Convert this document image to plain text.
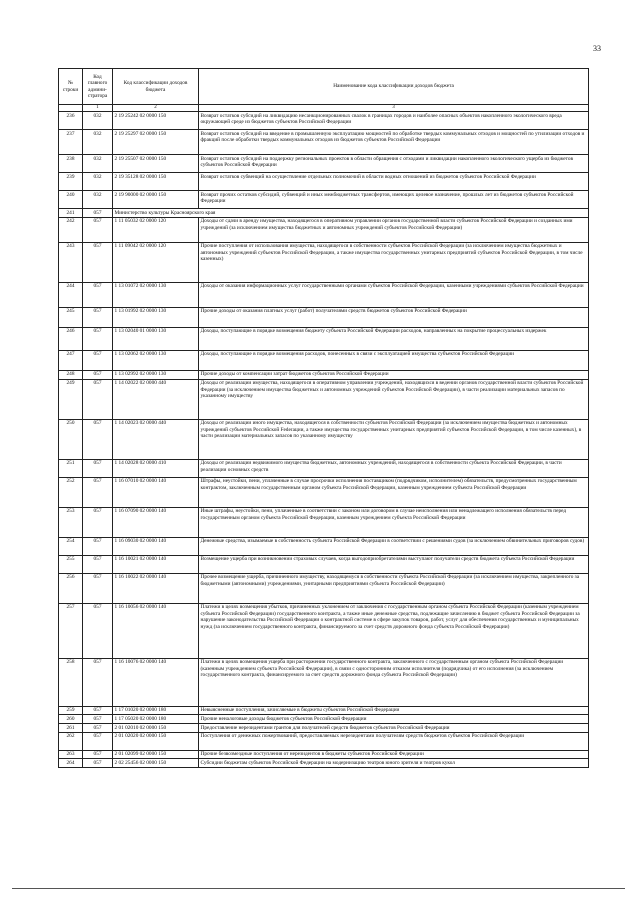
33
№ строки	Код главного админи-стратора	Код классификации доходов бюджета	Наименование кода классификации доходов бюджета
	1	2	3
236	032	2 19 25242 02 0000 150	Возврат остатков субсидий на ликвидацию несанкционированных свалок в границах городов и наиболее опасных объектов накопленного экологического вреда окружающей среде из бюджетов субъектов Российской Федерации
237	032	2 19 25297 02 0000 150	Возврат остатков субсидий на введение в промышленную эксплуатацию мощностей по обработке твердых коммунальных отходов и мощностей по утилизации отходов и фракций после обработки твердых коммунальных отходов из бюджетов субъектов Российской Федерации
238	032	2 19 25507 02 0000 150	Возврат остатков субсидий на поддержку региональных проектов в области обращения с отходами и ликвидации накопленного экологического ущерба из бюджетов субъектов Российской Федерации
239	032	2 19 35128 02 0000 150	Возврат остатков субвенций на осуществление отдельных полномочий в области водных отношений из бюджетов субъектов Российской Федерации
240	032	2 19 90000 02 0000 150	Возврат прочих остатков субсидий, субвенций и иных межбюджетных трансфертов, имеющих целевое назначение, прошлых лет из бюджетов субъектов Российской Федерации
241	057	Министерство культуры Красноярского края	
242	057	1 11 05032 02 0000 120	Доходы от сдачи в аренду имущества, находящегося в оперативном управлении органов государственной власти субъектов Российской Федерации и созданных ими учреждений (за исключением имущества бюджетных и автономных учреждений субъектов Российской Федерации)
243	057	1 11 09042 02 0000 120	Прочие поступления от использования имущества, находящегося в собственности субъектов Российской Федерации (за исключением имущества бюджетных и автономных учреждений субъектов Российской Федерации, а также имущества государственных унитарных предприятий субъектов Российской Федерации, в том числе казенных)
244	057	1 13 01072 02 0000 130	Доходы от оказания информационных услуг государственными органами субъектов Российской Федерации, казенными учреждениями субъектов Российской Федерации
245	057	1 13 01992 02 0000 130	Прочие доходы от оказания платных услуг (работ) получателями средств бюджетов субъектов Российской Федерации
246	057	1 13 02040 01 0000 130	Доходы, поступающие в порядке возмещения бюджету субъекта Российской Федерации расходов, направленных на покрытие процессуальных издержек
247	057	1 13 02062 02 0000 130	Доходы, поступающие в порядке возмещения расходов, понесенных в связи с эксплуатацией имущества субъектов Российской Федерации
248	057	1 13 02992 02 0000 130	Прочие доходы от компенсации затрат бюджетов субъектов Российской Федерации
249	057	1 14 02022 02 0000 440	Доходы от реализации имущества, находящегося в оперативном управлении учреждений, находящихся в ведении органов государственной власти субъектов Российской Федерации (за исключением имущества бюджетных и автономных учреждений субъектов Российской Федерации), в части реализации материальных запасов по указанному имуществу
250	057	1 14 02023 02 0000 440	Доходы от реализации иного имущества, находящегося в собственности субъектов Российской Федерации (за исключением имущества бюджетных и автономных учреждений субъектов Российской Federации, а также имущества государственных унитарных предприятий субъектов Российской Федерации, в том числе казенных), в части реализации материальных запасов по указанному имуществу
251	057	1 14 02028 02 0000 410	Доходы от реализации недвижимого имущества бюджетных, автономных учреждений, находящегося в собственности субъекта Российской Федерации, в части реализации основных средств
252	057	1 16 07010 02 0000 140	Штрафы, неустойки, пени, уплаченные в случае просрочки исполнения поставщиком (подрядчиком, исполнителем) обязательств, предусмотренных государственным контрактом, заключенным государственным органом субъекта Российской Федерации, казенным учреждением субъекта Российской Федерации
253	057	1 16 07090 02 0000 140	Иные штрафы, неустойки, пени, уплаченные в соответствии с законом или договором в случае неисполнения или ненадлежащего исполнения обязательств перед государственным органом субъекта Российской Федерации, казенным учреждением субъекта Российской Федерации
254	057	1 16 09030 02 0000 140	Денежные средства, изымаемые в собственность субъекта Российской Федерации в соответствии с решениями судов (за исключением обвинительных приговоров судов)
255	057	1 16 10021 02 0000 140	Возмещение ущерба при возникновении страховых случаев, когда выгодоприобретателями выступают получатели средств бюджета субъекта Российской Федерации
256	057	1 16 10022 02 0000 140	Прочее возмещение ущерба, причиненного имуществу, находящемуся в собственности субъекта Российской Федерации (за исключением имущества, закрепленного за бюджетными (автономными) учреждениями, унитарными предприятиями субъекта Российской Федерации)
257	057	1 16 10056 02 0000 140	Платежи в целях возмещения убытков, причиненных уклонением от заключения с государственным органом субъекта Российской Федерации (казенным учреждением субъекта Российской Федерации) государственного контракта, а также иные денежные средства, подлежащие зачислению в бюджет субъекта Российской Федерации за нарушение законодательства Российской Федерации о контрактной системе в сфере закупок товаров, работ, услуг для обеспечения государственных и муниципальных нужд (за исключением государственного контракта, финансируемого за счет средств дорожного фонда субъекта Российской Федерации)
258	057	1 16 10076 02 0000 140	Платежи в целях возмещения ущерба при расторжении государственного контракта, заключенного с государственным органом субъекта Российской Федерации (казенным учреждением субъекта Российской Федерации), в связи с односторонним отказом исполнителя (подрядчика) от его исполнения (за исключением государственного контракта, финансируемого за счет средств дорожного фонда субъекта Российской Федерации)
259	057	1 17 01020 02 0000 180	Невыясненные поступления, зачисляемые в бюджеты субъектов Российской Федерации
260	057	1 17 05020 02 0000 180	Прочие неналоговые доходы бюджетов субъектов Российской Федерации
261	057	2 01 02010 02 0000 150	Предоставление нерезидентами грантов для получателей средств бюджетов субъектов Российской Федерации
262	057	2 01 02020 02 0000 150	Поступления от денежных пожертвований, предоставляемых нерезидентами получателям средств бюджетов субъектов Российской Федерации
263	057	2 01 02099 02 0000 150	Прочие безвозмездные поступления от нерезидентов в бюджеты субъектов Российской Федерации
264	057	2 02 25456 02 0000 150	Субсидии бюджетам субъектов Российской Федерации на модернизацию театров юного зрителя и театров кукол
